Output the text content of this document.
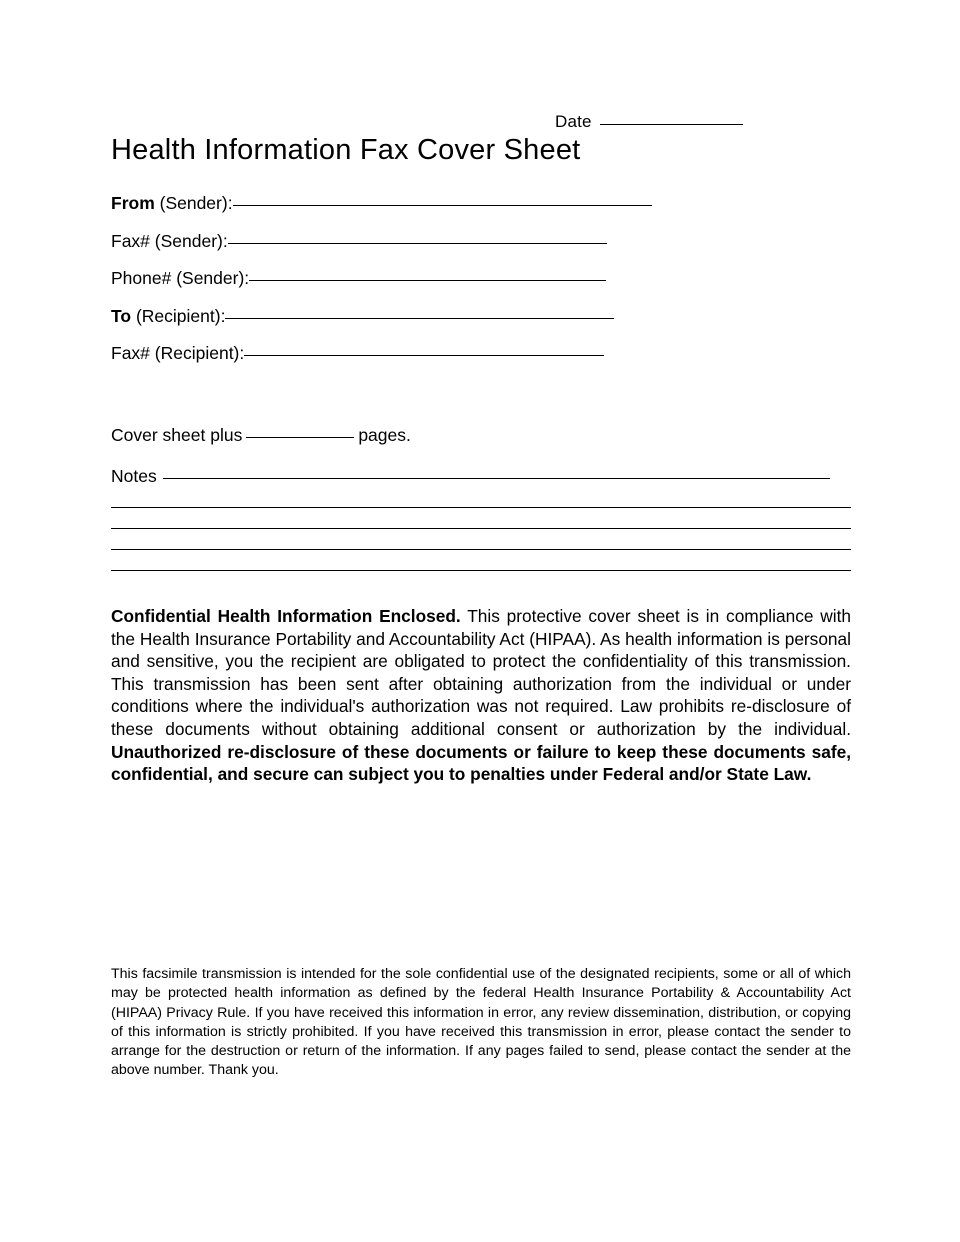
Date
Health Information Fax Cover Sheet
From (Sender):
Fax# (Sender):
Phone# (Sender):
To (Recipient):
Fax# (Recipient):
Cover sheet plus	pages.
Notes
Confidential Health Information Enclosed. This protective cover sheet is in compliance with the Health Insurance Portability and Accountability Act (HIPAA). As health information is personal and sensitive, you the recipient are obligated to protect the confidentiality of this transmission. This transmission has been sent after obtaining authorization from the individual or under conditions where the individual's authorization was not required. Law prohibits re-disclosure of these documents without obtaining additional consent or authorization by the individual. Unauthorized re-disclosure of these documents or failure to keep these documents safe, confidential, and secure can subject you to penalties under Federal and/or State Law.
This facsimile transmission is intended for the sole confidential use of the designated recipients, some or all of which may be protected health information as defined by the federal Health Insurance Portability & Accountability Act (HIPAA) Privacy Rule. If you have received this information in error, any review dissemination, distribution, or copying of this information is strictly prohibited. If you have received this transmission in error, please contact the sender to arrange for the destruction or return of the information. If any pages failed to send, please contact the sender at the above number. Thank you.
